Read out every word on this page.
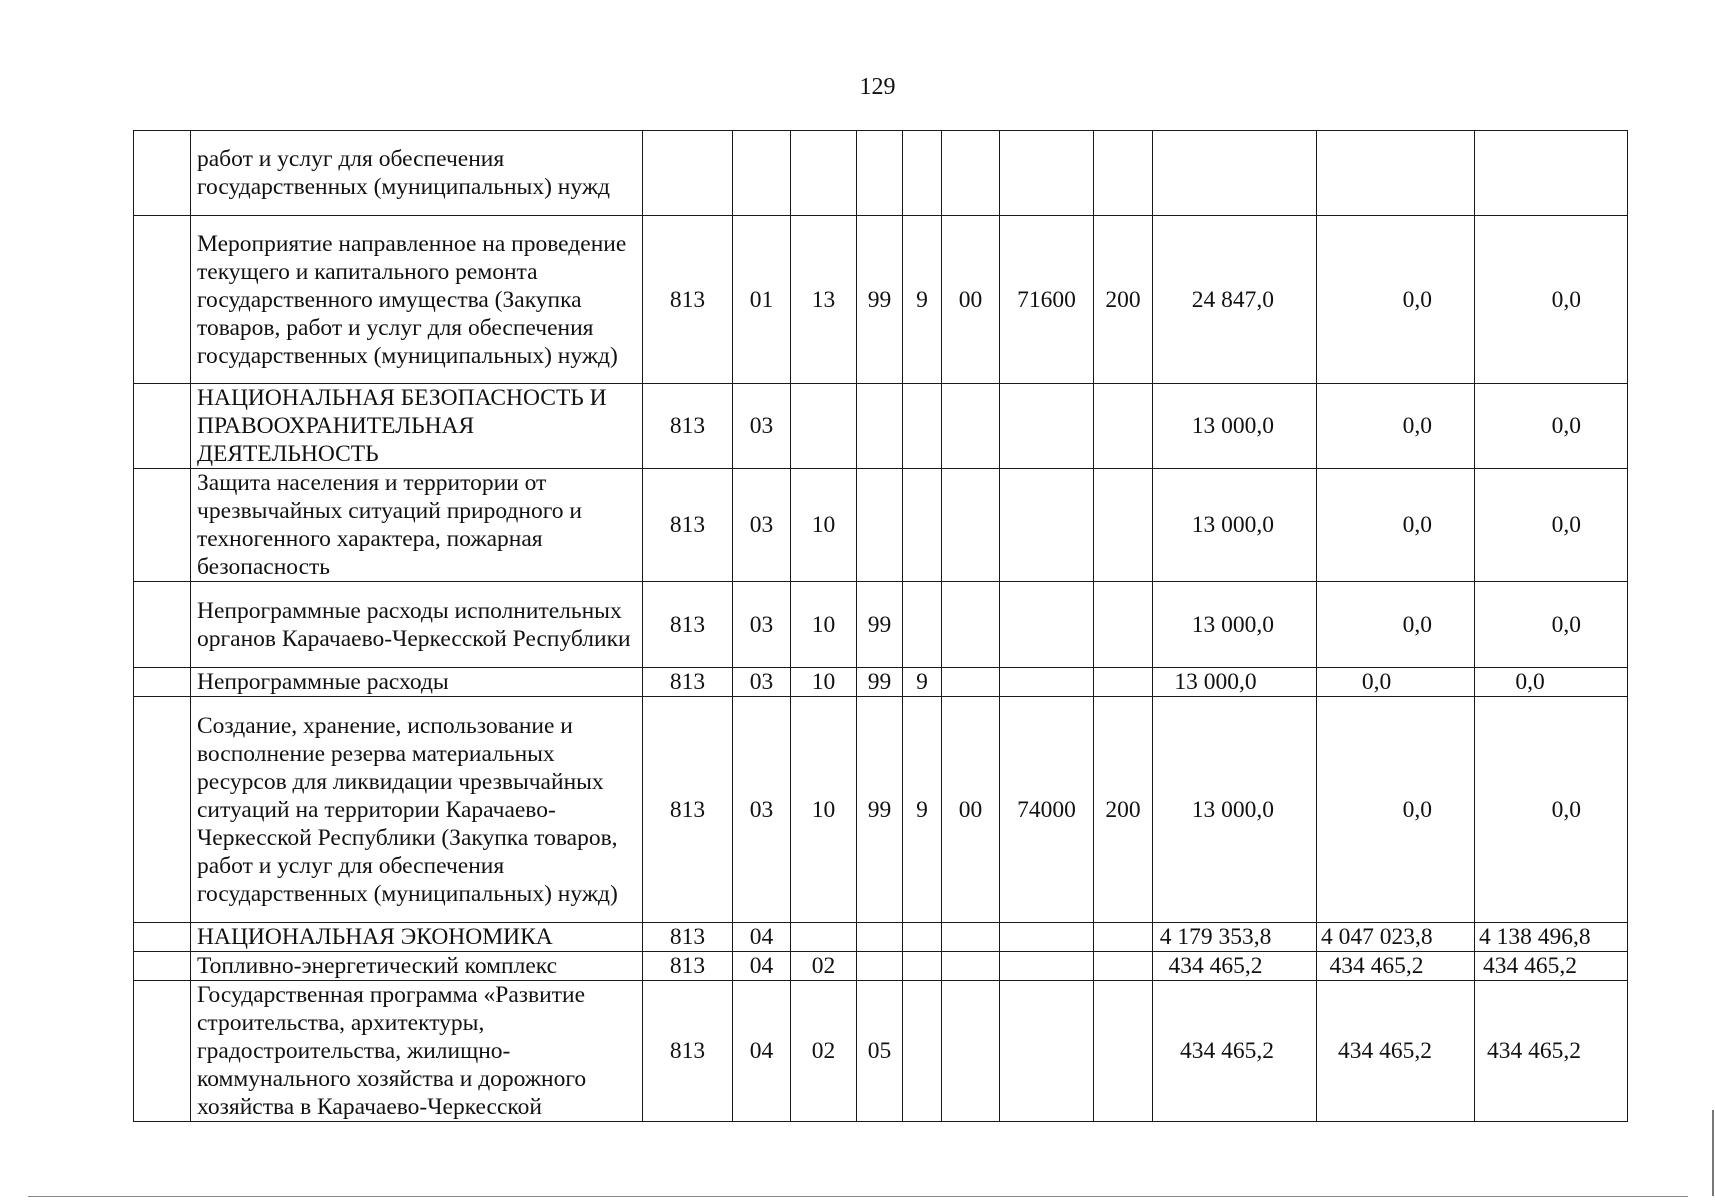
129
	работ и услуг для обеспечения государственных (муниципальных) нужд											
	Мероприятие направленное на проведение текущего и капитального ремонта государственного имущества (Закупка товаров, работ и услуг для обеспечения государственных (муниципальных) нужд)	813	01	13	99	9	00	71600	200	24 847,0	0,0	0,0
	НАЦИОНАЛЬНАЯ БЕЗОПАСНОСТЬ И ПРАВООХРАНИТЕЛЬНАЯ ДЕЯТЕЛЬНОСТЬ	813	03							13 000,0	0,0	0,0
	Защита населения и территории от чрезвычайных ситуаций природного и техногенного характера, пожарная безопасность	813	03	10						13 000,0	0,0	0,0
	Непрограммные расходы исполнительных органов Карачаево-Черкесской Республики	813	03	10	99					13 000,0	0,0	0,0
	Непрограммные расходы	813	03	10	99	9				13 000,0	0,0	0,0
	Создание, хранение, использование и восполнение резерва материальных ресурсов для ликвидации чрезвычайных ситуаций на территории Карачаево-Черкесской Республики (Закупка товаров, работ и услуг для обеспечения государственных (муниципальных) нужд)	813	03	10	99	9	00	74000	200	13 000,0	0,0	0,0
	НАЦИОНАЛЬНАЯ ЭКОНОМИКА	813	04							4 179 353,8	4 047 023,8	4 138 496,8
	Топливно-энергетический комплекс	813	04	02						434 465,2	434 465,2	434 465,2
	Государственная программа «Развитие строительства, архитектуры, градостроительства, жилищно-коммунального хозяйства и дорожного хозяйства в Карачаево-Черкесской	813	04	02	05					434 465,2	434 465,2	434 465,2
